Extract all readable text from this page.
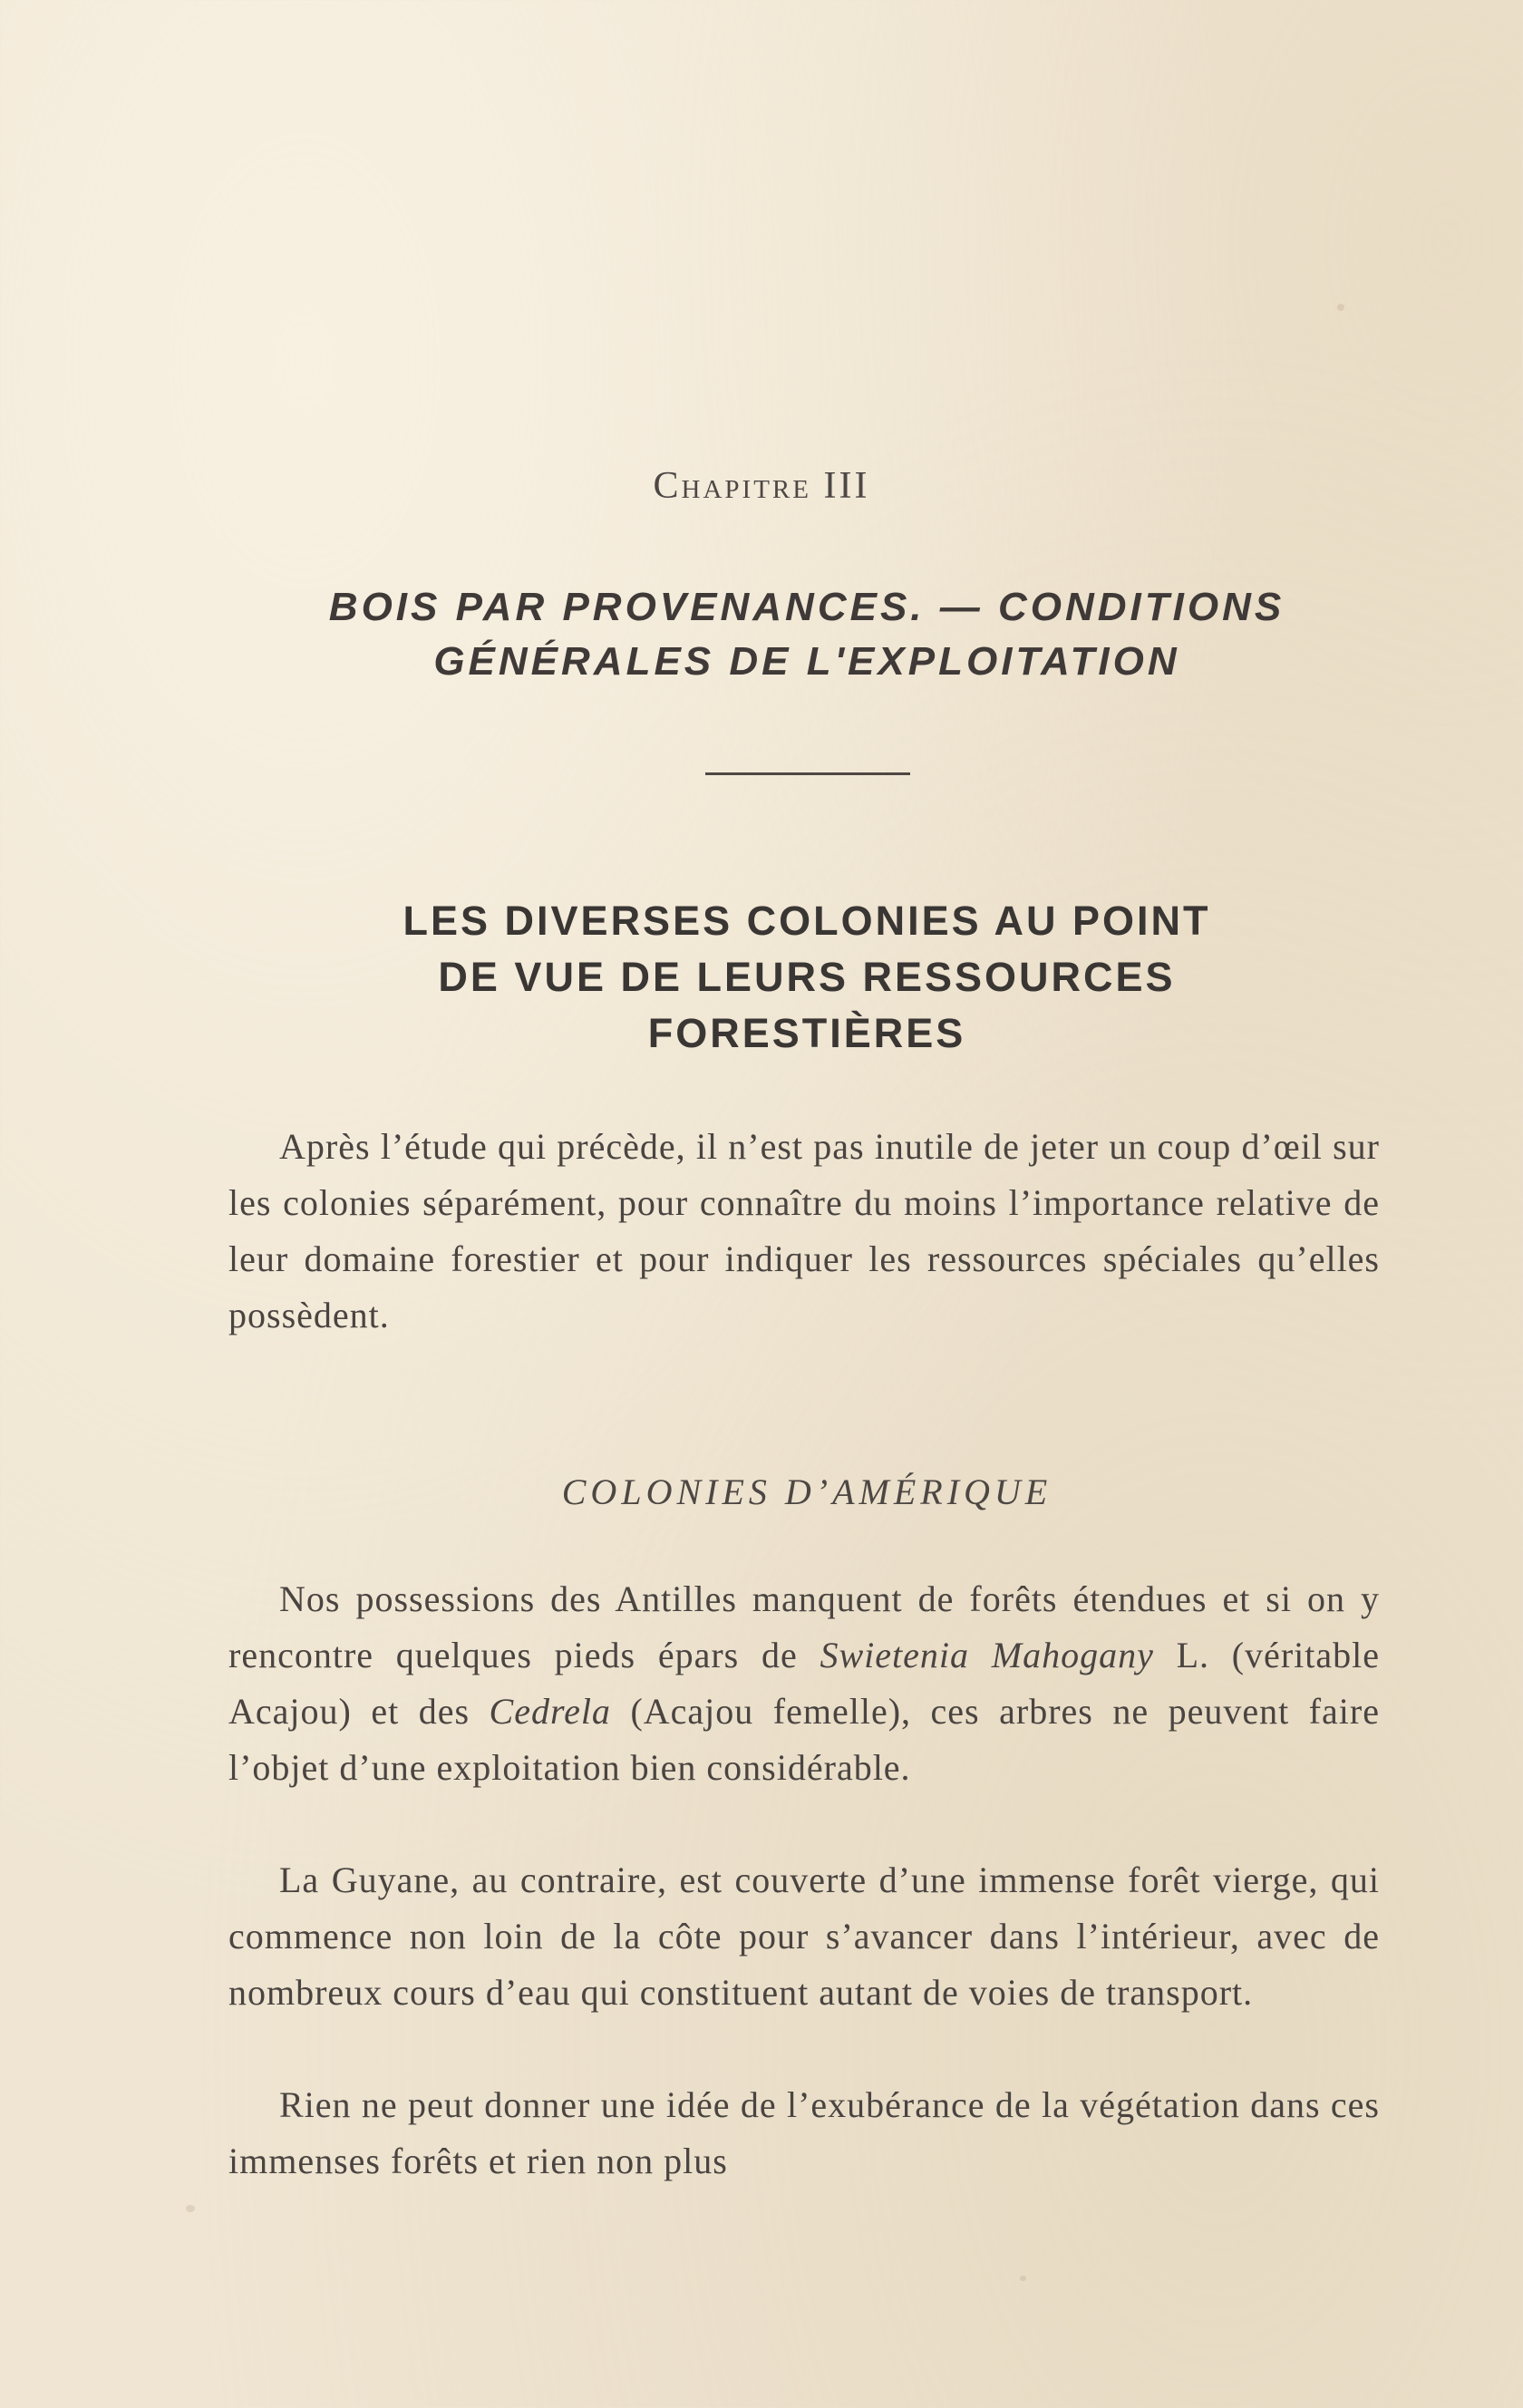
Chapitre III
BOIS PAR PROVENANCES. — CONDITIONS
GÉNÉRALES DE L'EXPLOITATION
LES DIVERSES COLONIES AU POINT
DE VUE DE LEURS RESSOURCES
FORESTIÈRES

Après l’étude qui précède, il n’est pas inutile de jeter un coup d’œil sur les colonies séparément, pour connaître du moins l’importance relative de leur domaine forestier et pour indiquer les ressources spéciales qu’elles possèdent.

COLONIES D’AMÉRIQUE

Nos possessions des Antilles manquent de forêts étendues et si on y rencontre quelques pieds épars de Swietenia Mahogany L. (véritable Acajou) et des Cedrela (Acajou femelle), ces arbres ne peuvent faire l’objet d’une exploitation bien considérable.

La Guyane, au contraire, est couverte d’une immense forêt vierge, qui commence non loin de la côte pour s’avancer dans l’intérieur, avec de nombreux cours d’eau qui constituent autant de voies de transport.

Rien ne peut donner une idée de l’exubérance de la végétation dans ces immenses forêts et rien non plus
